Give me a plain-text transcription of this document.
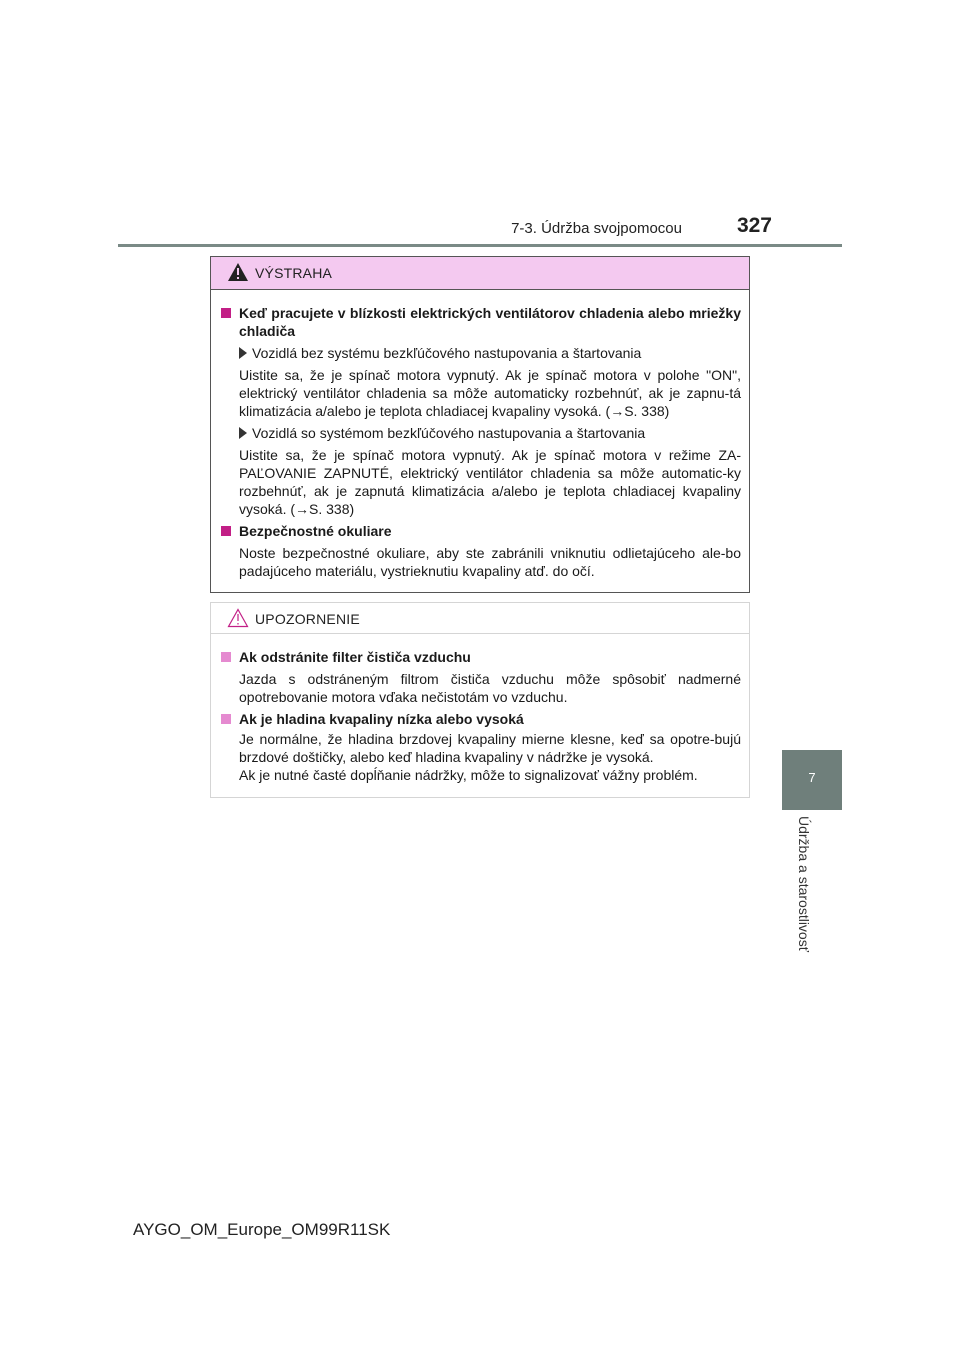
7-3. Údržba svojpomocou	327
7
Údržba a starostlivosť
VÝSTRAHA
Keď pracujete v blízkosti elektrických ventilátorov chladenia alebo mriežky chladiča
Vozidlá bez systému bezkľúčového nastupovania a štartovania
Uistite sa, že je spínač motora vypnutý. Ak je spínač motora v polohe "ON", elektrický ventilátor chladenia sa môže automaticky rozbehnúť, ak je zapnu-tá klimatizácia a/alebo je teplota chladiacej kvapaliny vysoká. (→S. 338)
Vozidlá so systémom bezkľúčového nastupovania a štartovania
Uistite sa, že je spínač motora vypnutý. Ak je spínač motora v režime ZA-PAĽOVANIE ZAPNUTÉ, elektrický ventilátor chladenia sa môže automatic-ky rozbehnúť, ak je zapnutá klimatizácia a/alebo je teplota chladiacej kvapaliny vysoká. (→S. 338)
Bezpečnostné okuliare
Noste bezpečnostné okuliare, aby ste zabránili vniknutiu odlietajúceho ale-bo padajúceho materiálu, vystrieknutiu kvapaliny atď. do očí.
UPOZORNENIE
Ak odstránite filter čističa vzduchu
Jazda s odstráneným filtrom čističa vzduchu môže spôsobiť nadmerné opotrebovanie motora vďaka nečistotám vo vzduchu.
Ak je hladina kvapaliny nízka alebo vysoká
Je normálne, že hladina brzdovej kvapaliny mierne klesne, keď sa opotre-bujú brzdové doštičky, alebo keď hladina kvapaliny v nádržke je vysoká.
Ak je nutné časté dopĺňanie nádržky, môže to signalizovať vážny problém.
AYGO_OM_Europe_OM99R11SK
